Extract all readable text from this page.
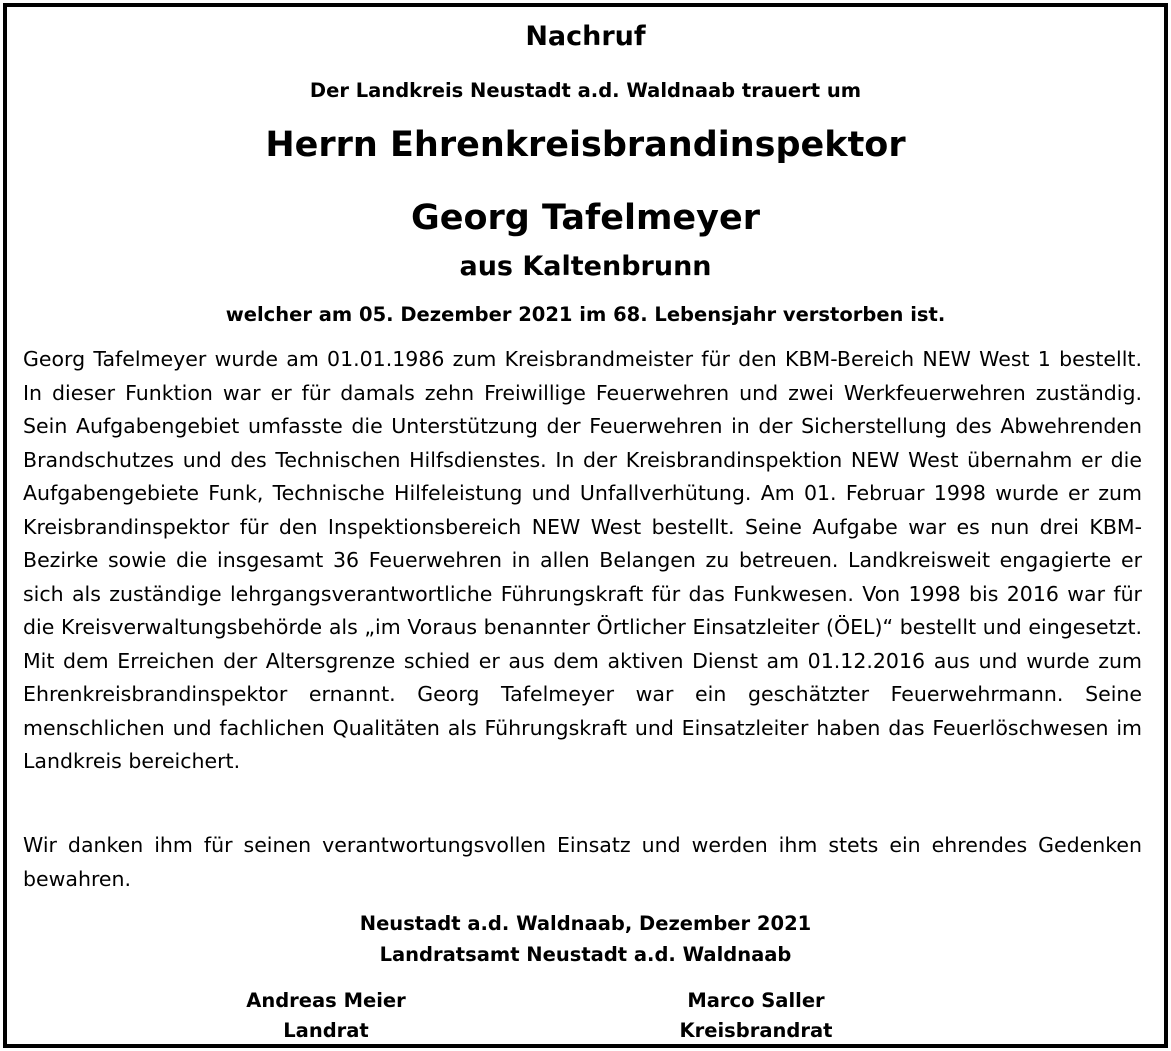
Nachruf
Der Landkreis Neustadt a.d. Waldnaab trauert um
Herrn Ehrenkreisbrandinspektor
Georg Tafelmeyer
aus Kaltenbrunn
welcher am 05. Dezember 2021 im 68. Lebensjahr verstorben ist.
Georg Tafelmeyer wurde am 01.01.1986 zum Kreisbrandmeister für den KBM-Bereich NEW West 1 bestellt. In dieser Funktion war er für damals zehn Freiwillige Feuerwehren und zwei Werkfeuerwehren zuständig. Sein Aufgabengebiet umfasste die Unterstützung der Feuerwehren in der Sicherstellung des Abwehrenden Brandschutzes und des Technischen Hilfsdienstes. In der Kreisbrandinspektion NEW West übernahm er die Aufgabengebiete Funk, Technische Hilfeleistung und Unfallverhütung. Am 01. Februar 1998 wurde er zum Kreisbrandinspektor für den Inspektionsbereich NEW West bestellt. Seine Aufgabe war es nun drei KBM-Bezirke sowie die insgesamt 36 Feuerwehren in allen Belangen zu betreuen. Landkreisweit engagierte er sich als zuständige lehrgangsverantwortliche Führungskraft für das Funkwesen. Von 1998 bis 2016 war für die Kreisverwaltungsbehörde als „im Voraus benannter Örtlicher Einsatzleiter (ÖEL)“ bestellt und eingesetzt. Mit dem Erreichen der Altersgrenze schied er aus dem aktiven Dienst am 01.12.2016 aus und wurde zum Ehrenkreisbrandinspektor ernannt. Georg Tafelmeyer war ein geschätzter Feuerwehrmann. Seine menschlichen und fachlichen Qualitäten als Führungskraft und Einsatzleiter haben das Feuerlöschwesen im Landkreis bereichert.
Wir danken ihm für seinen verantwortungsvollen Einsatz und werden ihm stets ein ehrendes Gedenken bewahren.
Neustadt a.d. Waldnaab, Dezember 2021
Landratsamt Neustadt a.d. Waldnaab
Andreas Meier
Landrat
Marco Saller
Kreisbrandrat
